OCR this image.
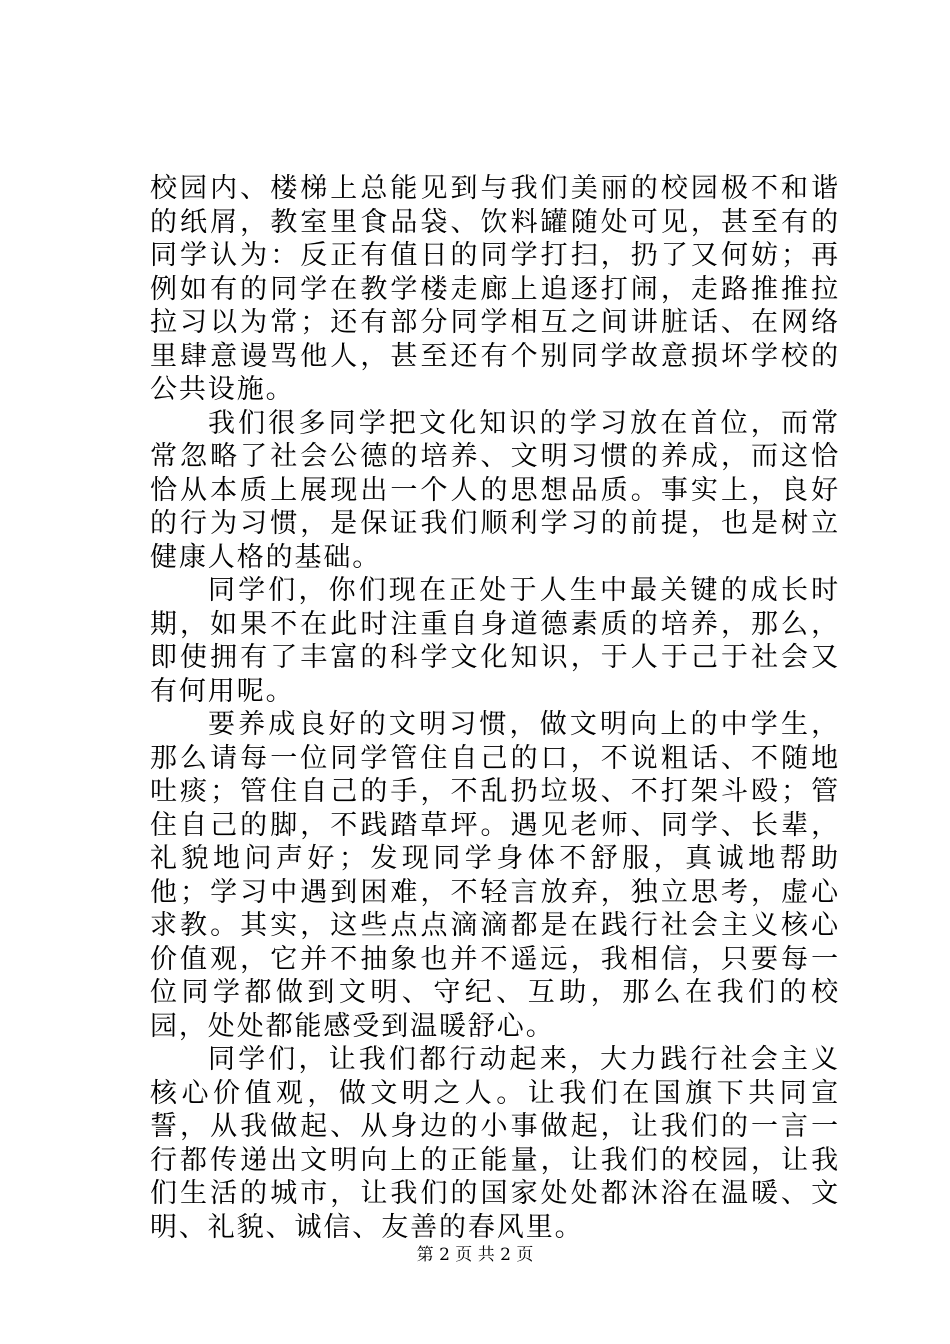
校园内、楼梯上总能见到与我们美丽的校园极不和谐的纸屑，教室里食品袋、饮料罐随处可见，甚至有的同学认为：反正有值日的同学打扫，扔了又何妨；再例如有的同学在教学楼走廊上追逐打闹，走路推推拉拉习以为常；还有部分同学相互之间讲脏话、在网络里肆意谩骂他人，甚至还有个别同学故意损坏学校的公共设施。

我们很多同学把文化知识的学习放在首位，而常常忽略了社会公德的培养、文明习惯的养成，而这恰恰从本质上展现出一个人的思想品质。事实上，良好的行为习惯，是保证我们顺利学习的前提，也是树立健康人格的基础。

同学们，你们现在正处于人生中最关键的成长时期，如果不在此时注重自身道德素质的培养，那么，即使拥有了丰富的科学文化知识，于人于己于社会又有何用呢。

要养成良好的文明习惯，做文明向上的中学生，那么请每一位同学管住自己的口，不说粗话、不随地吐痰；管住自己的手，不乱扔垃圾、不打架斗殴；管住自己的脚，不践踏草坪。遇见老师、同学、长辈，礼貌地问声好；发现同学身体不舒服，真诚地帮助他；学习中遇到困难，不轻言放弃，独立思考，虚心求教。其实，这些点点滴滴都是在践行社会主义核心价值观，它并不抽象也并不遥远，我相信，只要每一位同学都做到文明、守纪、互助，那么在我们的校园，处处都能感受到温暖舒心。

同学们，让我们都行动起来，大力践行社会主义核心价值观，做文明之人。让我们在国旗下共同宣誓，从我做起、从身边的小事做起，让我们的一言一行都传递出文明向上的正能量，让我们的校园，让我们生活的城市，让我们的国家处处都沐浴在温暖、文明、礼貌、诚信、友善的春风里。

第 2 页 共 2 页
